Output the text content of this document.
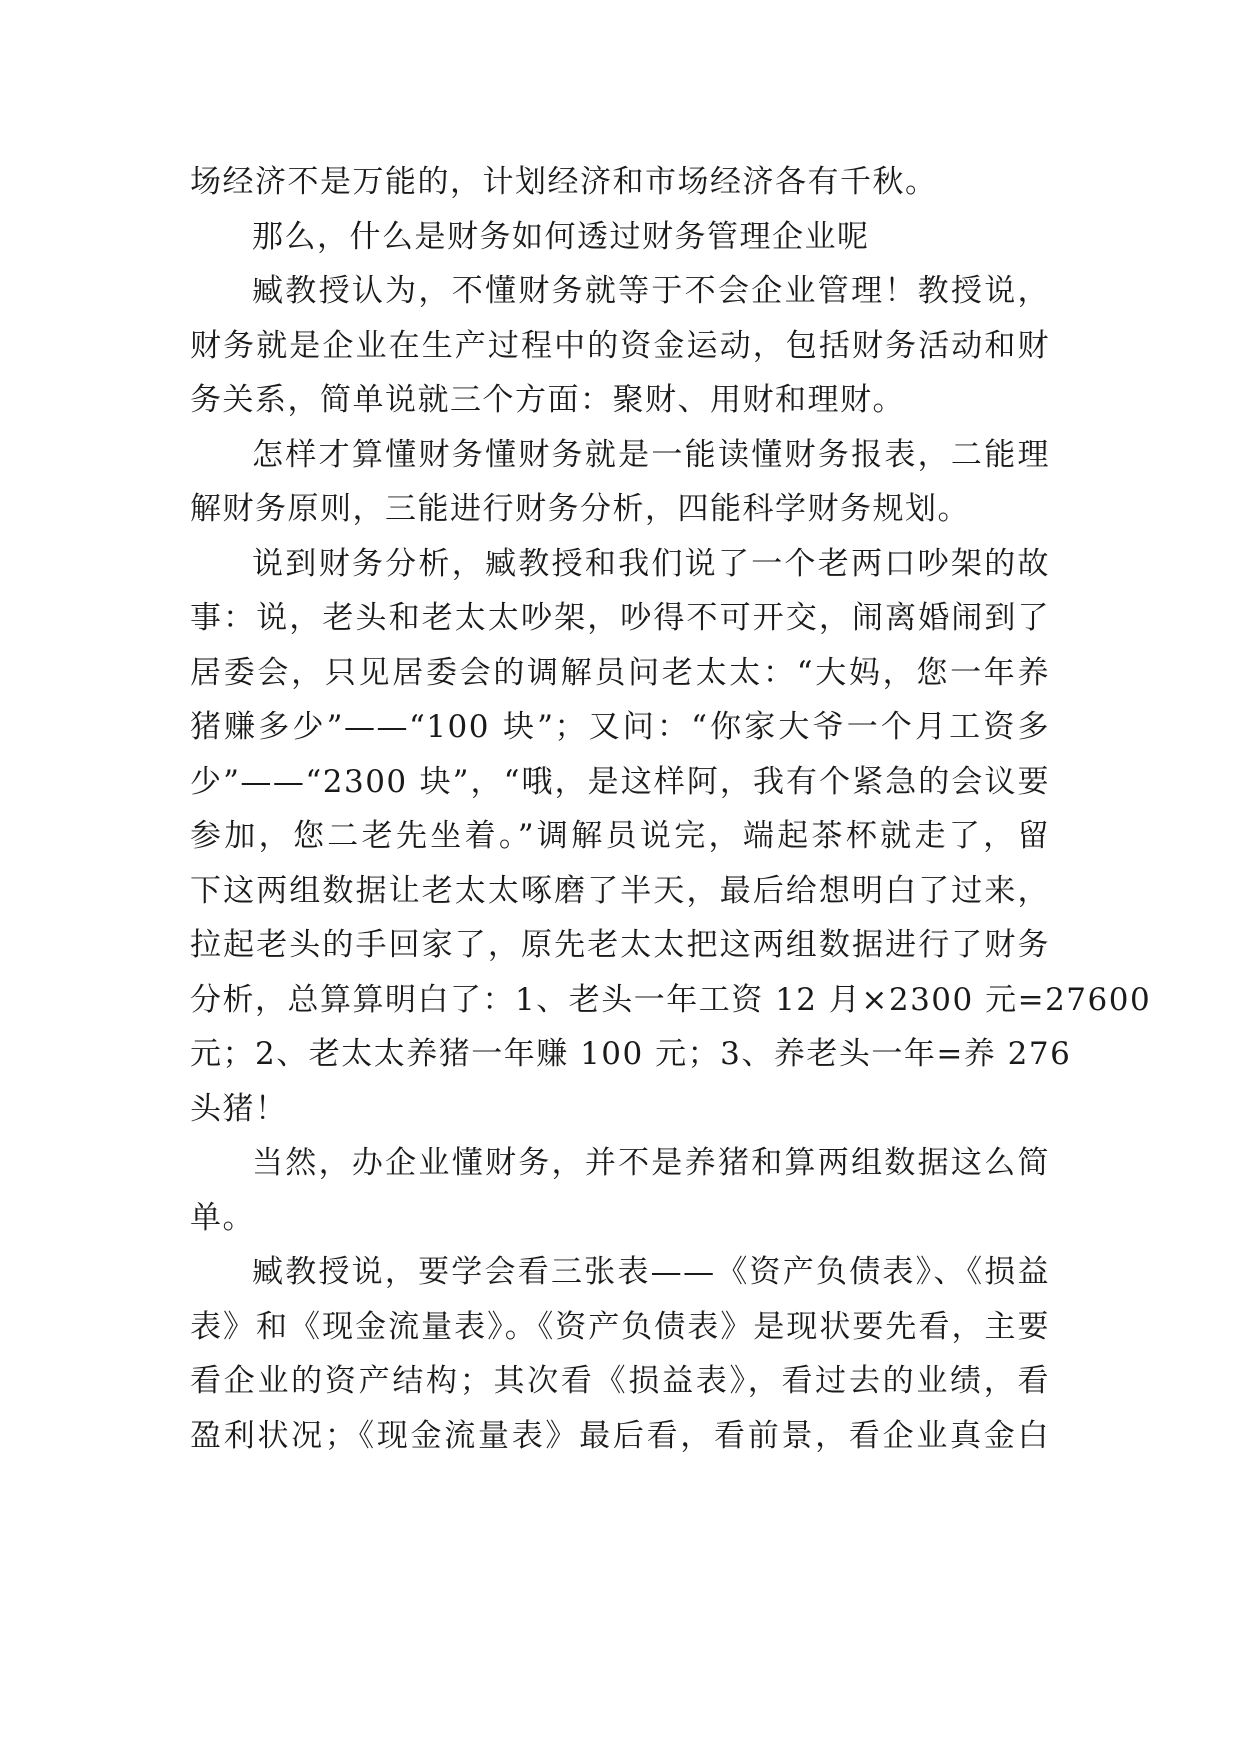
场经济不是万能的，计划经济和市场经济各有千秋。
那么，什么是财务如何透过财务管理企业呢
臧教授认为，不懂财务就等于不会企业管理！教授说，
财务就是企业在生产过程中的资金运动，包括财务活动和财
务关系，简单说就三个方面：聚财、用财和理财。
怎样才算懂财务懂财务就是一能读懂财务报表，二能理
解财务原则，三能进行财务分析，四能科学财务规划。
说到财务分析，臧教授和我们说了一个老两口吵架的故
事：说，老头和老太太吵架，吵得不可开交，闹离婚闹到了
居委会，只见居委会的调解员问老太太：“大妈，您一年养
猪赚多少”——“100 块”；又问：“你家大爷一个月工资多
少”——“2300 块”，“哦，是这样阿，我有个紧急的会议要
参加，您二老先坐着。”调解员说完，端起茶杯就走了，留
下这两组数据让老太太啄磨了半天，最后给想明白了过来，
拉起老头的手回家了，原先老太太把这两组数据进行了财务
分析，总算算明白了：1、老头一年工资 12 月×2300 元=27600
元；2、老太太养猪一年赚 100 元；3、养老头一年=养 276
头猪！
当然，办企业懂财务，并不是养猪和算两组数据这么简
单。
臧教授说，要学会看三张表——《资产负债表》、《损益
表》和《现金流量表》。《资产负债表》是现状要先看，主要
看企业的资产结构；其次看《损益表》，看过去的业绩，看
盈利状况；《现金流量表》最后看，看前景，看企业真金白
